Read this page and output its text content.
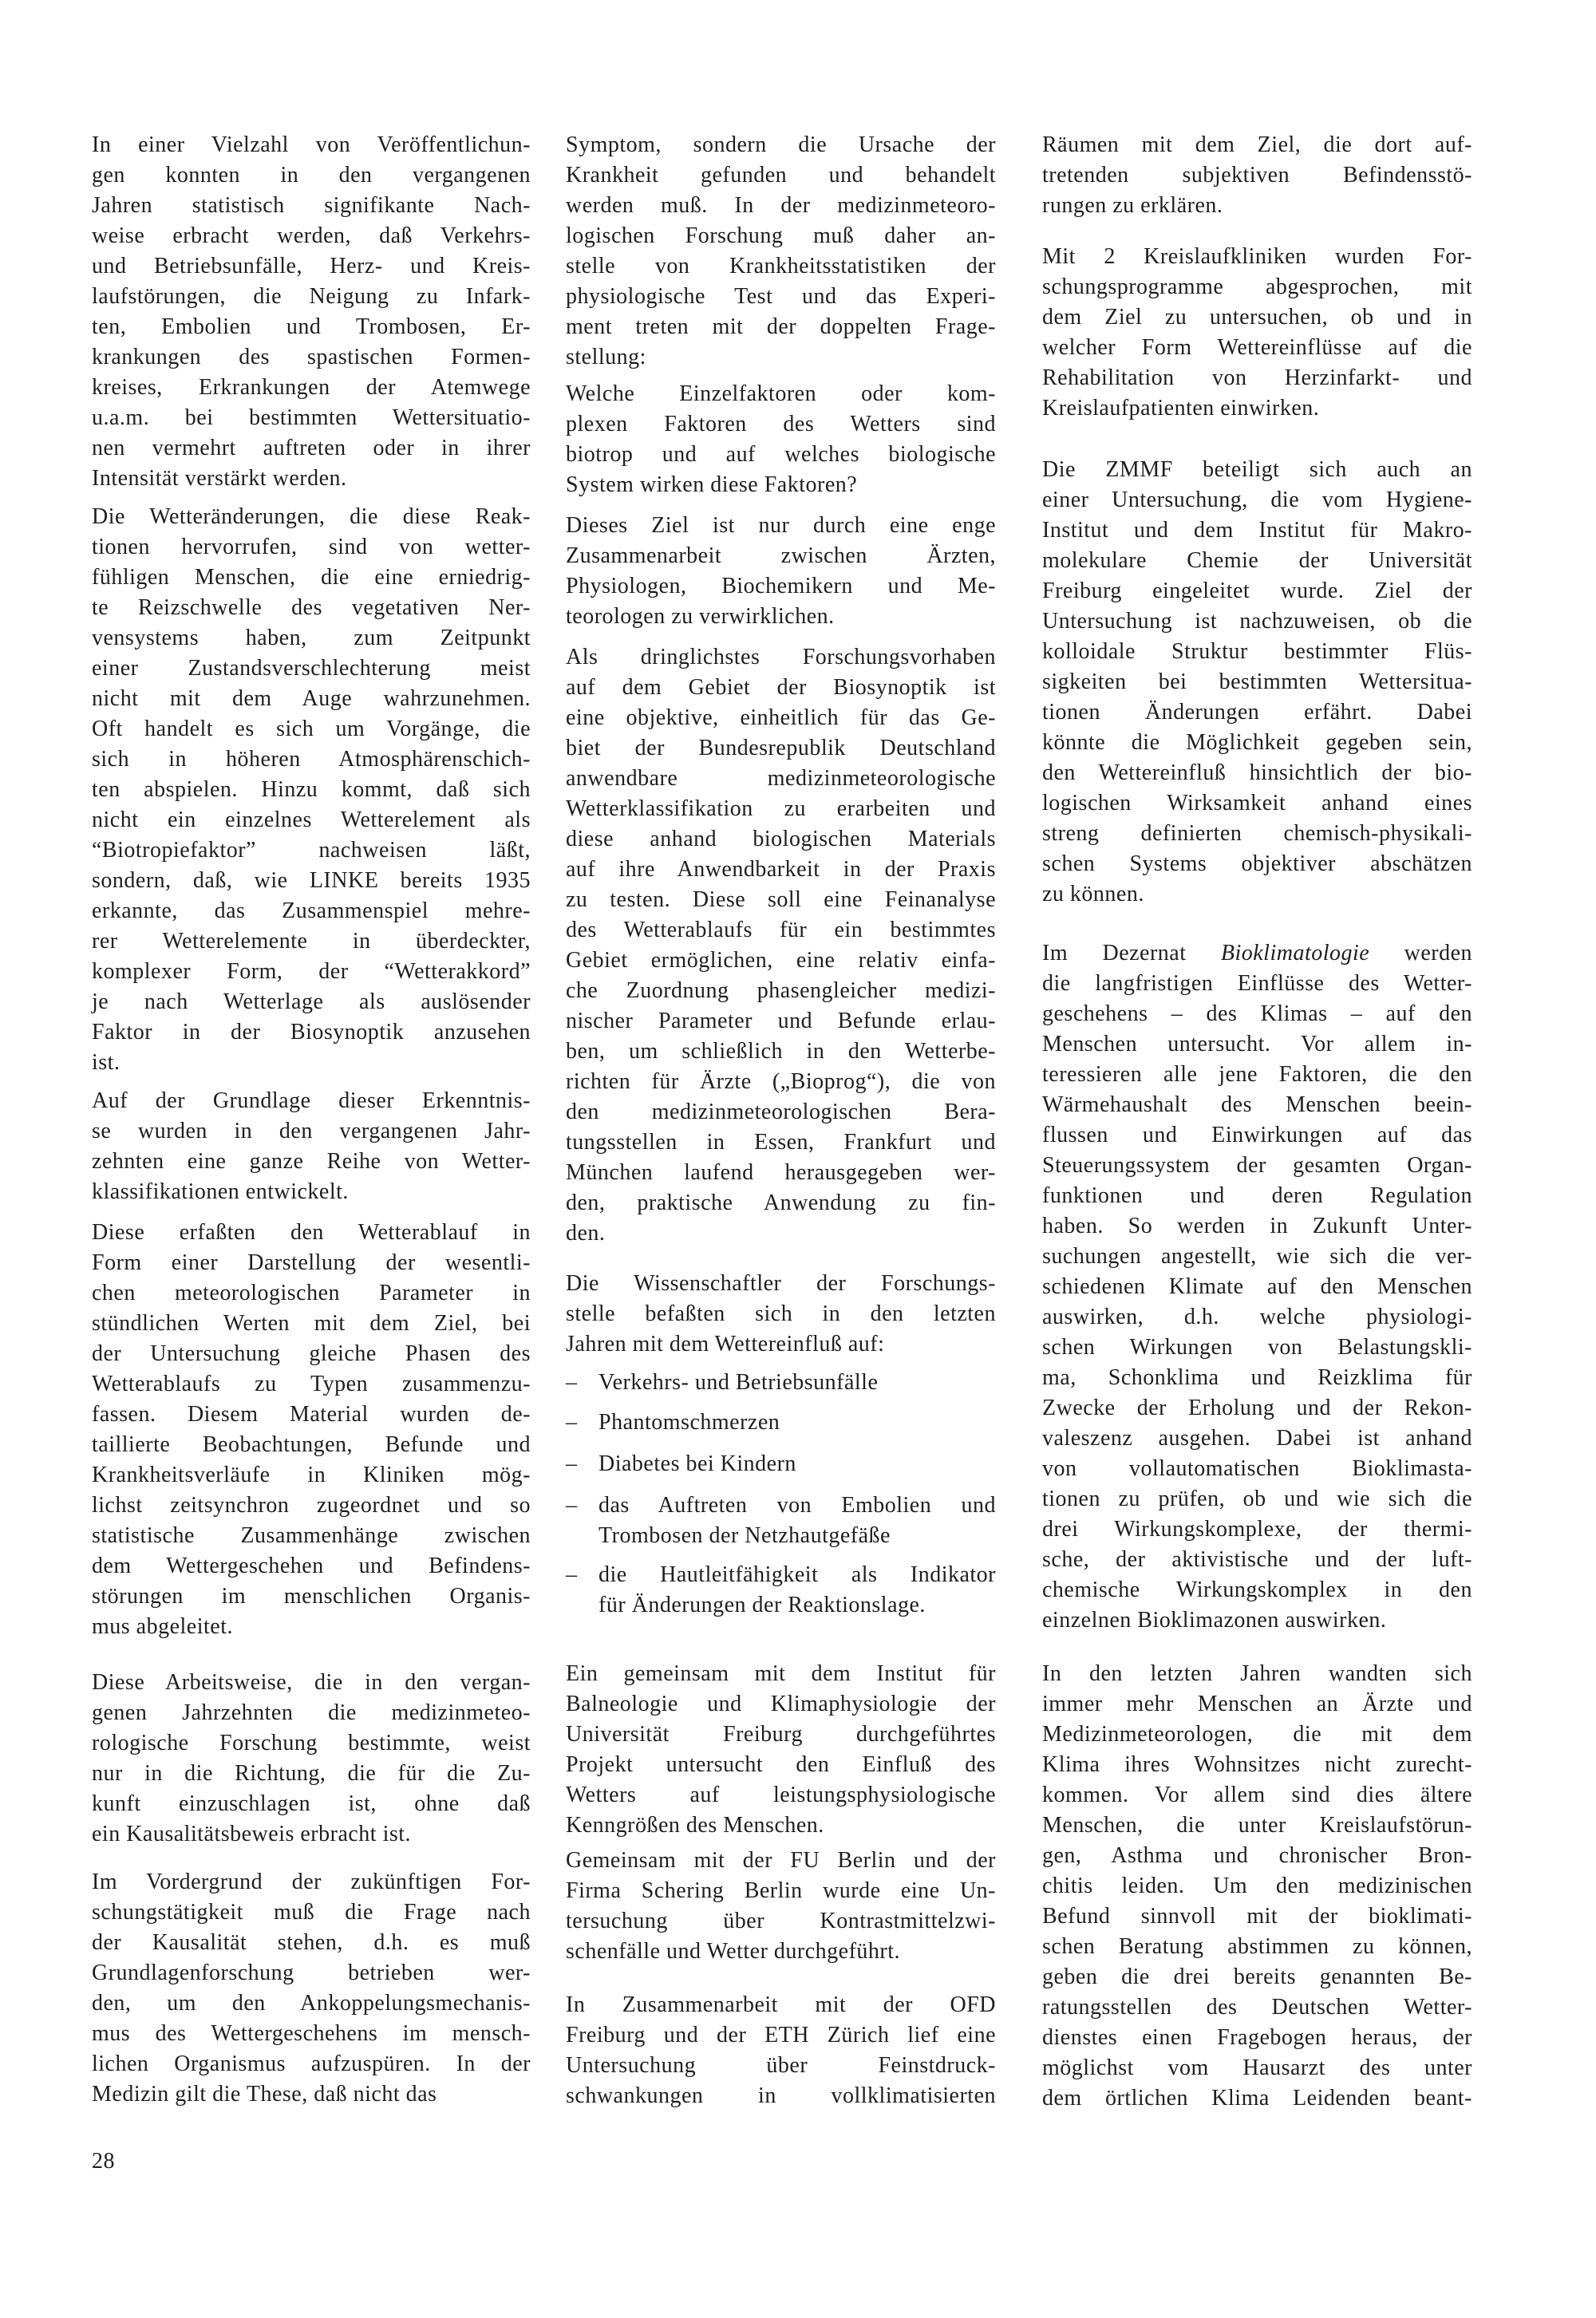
28
In einer Vielzahl von Veröffentlichun-
gen konnten in den vergangenen
Jahren statistisch signifikante Nach-
weise erbracht werden, daß Verkehrs-
und Betriebsunfälle, Herz- und Kreis-
laufstörungen, die Neigung zu Infark-
ten, Embolien und Trombosen, Er-
krankungen des spastischen Formen-
kreises, Erkrankungen der Atemwege
u.a.m. bei bestimmten Wettersituatio-
nen vermehrt auftreten oder in ihrer
Intensität verstärkt werden.
Die Wetteränderungen, die diese Reak-
tionen hervorrufen, sind von wetter-
fühligen Menschen, die eine erniedrig-
te Reizschwelle des vegetativen Ner-
vensystems haben, zum Zeitpunkt
einer Zustandsverschlechterung meist
nicht mit dem Auge wahrzunehmen.
Oft handelt es sich um Vorgänge, die
sich in höheren Atmosphärenschich-
ten abspielen. Hinzu kommt, daß sich
nicht ein einzelnes Wetterelement als
“Biotropiefaktor” nachweisen läßt,
sondern, daß, wie LINKE bereits 1935
erkannte, das Zusammenspiel mehre-
rer Wetterelemente in überdeckter,
komplexer Form, der “Wetterakkord”
je nach Wetterlage als auslösender
Faktor in der Biosynoptik anzusehen
ist.
Auf der Grundlage dieser Erkenntnis-
se wurden in den vergangenen Jahr-
zehnten eine ganze Reihe von Wetter-
klassifikationen entwickelt.
Diese erfaßten den Wetterablauf in
Form einer Darstellung der wesentli-
chen meteorologischen Parameter in
stündlichen Werten mit dem Ziel, bei
der Untersuchung gleiche Phasen des
Wetterablaufs zu Typen zusammenzu-
fassen. Diesem Material wurden de-
taillierte Beobachtungen, Befunde und
Krankheitsverläufe in Kliniken mög-
lichst zeitsynchron zugeordnet und so
statistische Zusammenhänge zwischen
dem Wettergeschehen und Befindens-
störungen im menschlichen Organis-
mus abgeleitet.
Diese Arbeitsweise, die in den vergan-
genen Jahrzehnten die medizinmeteo-
rologische Forschung bestimmte, weist
nur in die Richtung, die für die Zu-
kunft einzuschlagen ist, ohne daß
ein Kausalitätsbeweis erbracht ist.
Im Vordergrund der zukünftigen For-
schungstätigkeit muß die Frage nach
der Kausalität stehen, d.h. es muß
Grundlagenforschung betrieben wer-
den, um den Ankoppelungsmechanis-
mus des Wettergeschehens im mensch-
lichen Organismus aufzuspüren. In der
Medizin gilt die These, daß nicht das
Symptom, sondern die Ursache der
Krankheit gefunden und behandelt
werden muß. In der medizinmeteoro-
logischen Forschung muß daher an-
stelle von Krankheitsstatistiken der
physiologische Test und das Experi-
ment treten mit der doppelten Frage-
stellung:
Welche Einzelfaktoren oder kom-
plexen Faktoren des Wetters sind
biotrop und auf welches biologische
System wirken diese Faktoren?
Dieses Ziel ist nur durch eine enge
Zusammenarbeit zwischen Ärzten,
Physiologen, Biochemikern und Me-
teorologen zu verwirklichen.
Als dringlichstes Forschungsvorhaben
auf dem Gebiet der Biosynoptik ist
eine objektive, einheitlich für das Ge-
biet der Bundesrepublik Deutschland
anwendbare medizinmeteorologische
Wetterklassifikation zu erarbeiten und
diese anhand biologischen Materials
auf ihre Anwendbarkeit in der Praxis
zu testen. Diese soll eine Feinanalyse
des Wetterablaufs für ein bestimmtes
Gebiet ermöglichen, eine relativ einfa-
che Zuordnung phasengleicher medizi-
nischer Parameter und Befunde erlau-
ben, um schließlich in den Wetterbe-
richten für Ärzte („Bioprog“), die von
den medizinmeteorologischen Bera-
tungsstellen in Essen, Frankfurt und
München laufend herausgegeben wer-
den, praktische Anwendung zu fin-
den.
Die Wissenschaftler der Forschungs-
stelle befaßten sich in den letzten
Jahren mit dem Wettereinfluß auf:
Ein gemeinsam mit dem Institut für
Balneologie und Klimaphysiologie der
Universität Freiburg durchgeführtes
Projekt untersucht den Einfluß des
Wetters auf leistungsphysiologische
Kenngrößen des Menschen.
Gemeinsam mit der FU Berlin und der
Firma Schering Berlin wurde eine Un-
tersuchung über Kontrastmittelzwi-
schenfälle und Wetter durchgeführt.
In Zusammenarbeit mit der OFD
Freiburg und der ETH Zürich lief eine
Untersuchung über Feinstdruck-
schwankungen in vollklimatisierten
– Verkehrs- und Betriebsunfälle
– Phantomschmerzen
– Diabetes bei Kindern
– das Auftreten von Embolien und
Trombosen der Netzhautgefäße
– die Hautleitfähigkeit als Indikator
für Änderungen der Reaktionslage.
Räumen mit dem Ziel, die dort auf-
tretenden subjektiven Befindensstö-
rungen zu erklären.
Mit 2 Kreislaufkliniken wurden For-
schungsprogramme abgesprochen, mit
dem Ziel zu untersuchen, ob und in
welcher Form Wettereinflüsse auf die
Rehabilitation von Herzinfarkt- und
Kreislaufpatienten einwirken.
Die ZMMF beteiligt sich auch an
einer Untersuchung, die vom Hygiene-
Institut und dem Institut für Makro-
molekulare Chemie der Universität
Freiburg eingeleitet wurde. Ziel der
Untersuchung ist nachzuweisen, ob die
kolloidale Struktur bestimmter Flüs-
sigkeiten bei bestimmten Wettersitua-
tionen Änderungen erfährt. Dabei
könnte die Möglichkeit gegeben sein,
den Wettereinfluß hinsichtlich der bio-
logischen Wirksamkeit anhand eines
streng definierten chemisch-physikali-
schen Systems objektiver abschätzen
zu können.
Im Dezernat Bioklimatologie werden
die langfristigen Einflüsse des Wetter-
geschehens – des Klimas – auf den
Menschen untersucht. Vor allem in-
teressieren alle jene Faktoren, die den
Wärmehaushalt des Menschen beein-
flussen und Einwirkungen auf das
Steuerungssystem der gesamten Organ-
funktionen und deren Regulation
haben. So werden in Zukunft Unter-
suchungen angestellt, wie sich die ver-
schiedenen Klimate auf den Menschen
auswirken, d.h. welche physiologi-
schen Wirkungen von Belastungskli-
ma, Schonklima und Reizklima für
Zwecke der Erholung und der Rekon-
valeszenz ausgehen. Dabei ist anhand
von vollautomatischen Bioklimasta-
tionen zu prüfen, ob und wie sich die
drei Wirkungskomplexe, der thermi-
sche, der aktivistische und der luft-
chemische Wirkungskomplex in den
einzelnen Bioklimazonen auswirken.
In den letzten Jahren wandten sich
immer mehr Menschen an Ärzte und
Medizinmeteorologen, die mit dem
Klima ihres Wohnsitzes nicht zurecht-
kommen. Vor allem sind dies ältere
Menschen, die unter Kreislaufstörun-
gen, Asthma und chronischer Bron-
chitis leiden. Um den medizinischen
Befund sinnvoll mit der bioklimati-
schen Beratung abstimmen zu können,
geben die drei bereits genannten Be-
ratungsstellen des Deutschen Wetter-
dienstes einen Fragebogen heraus, der
möglichst vom Hausarzt des unter
dem örtlichen Klima Leidenden beant-
